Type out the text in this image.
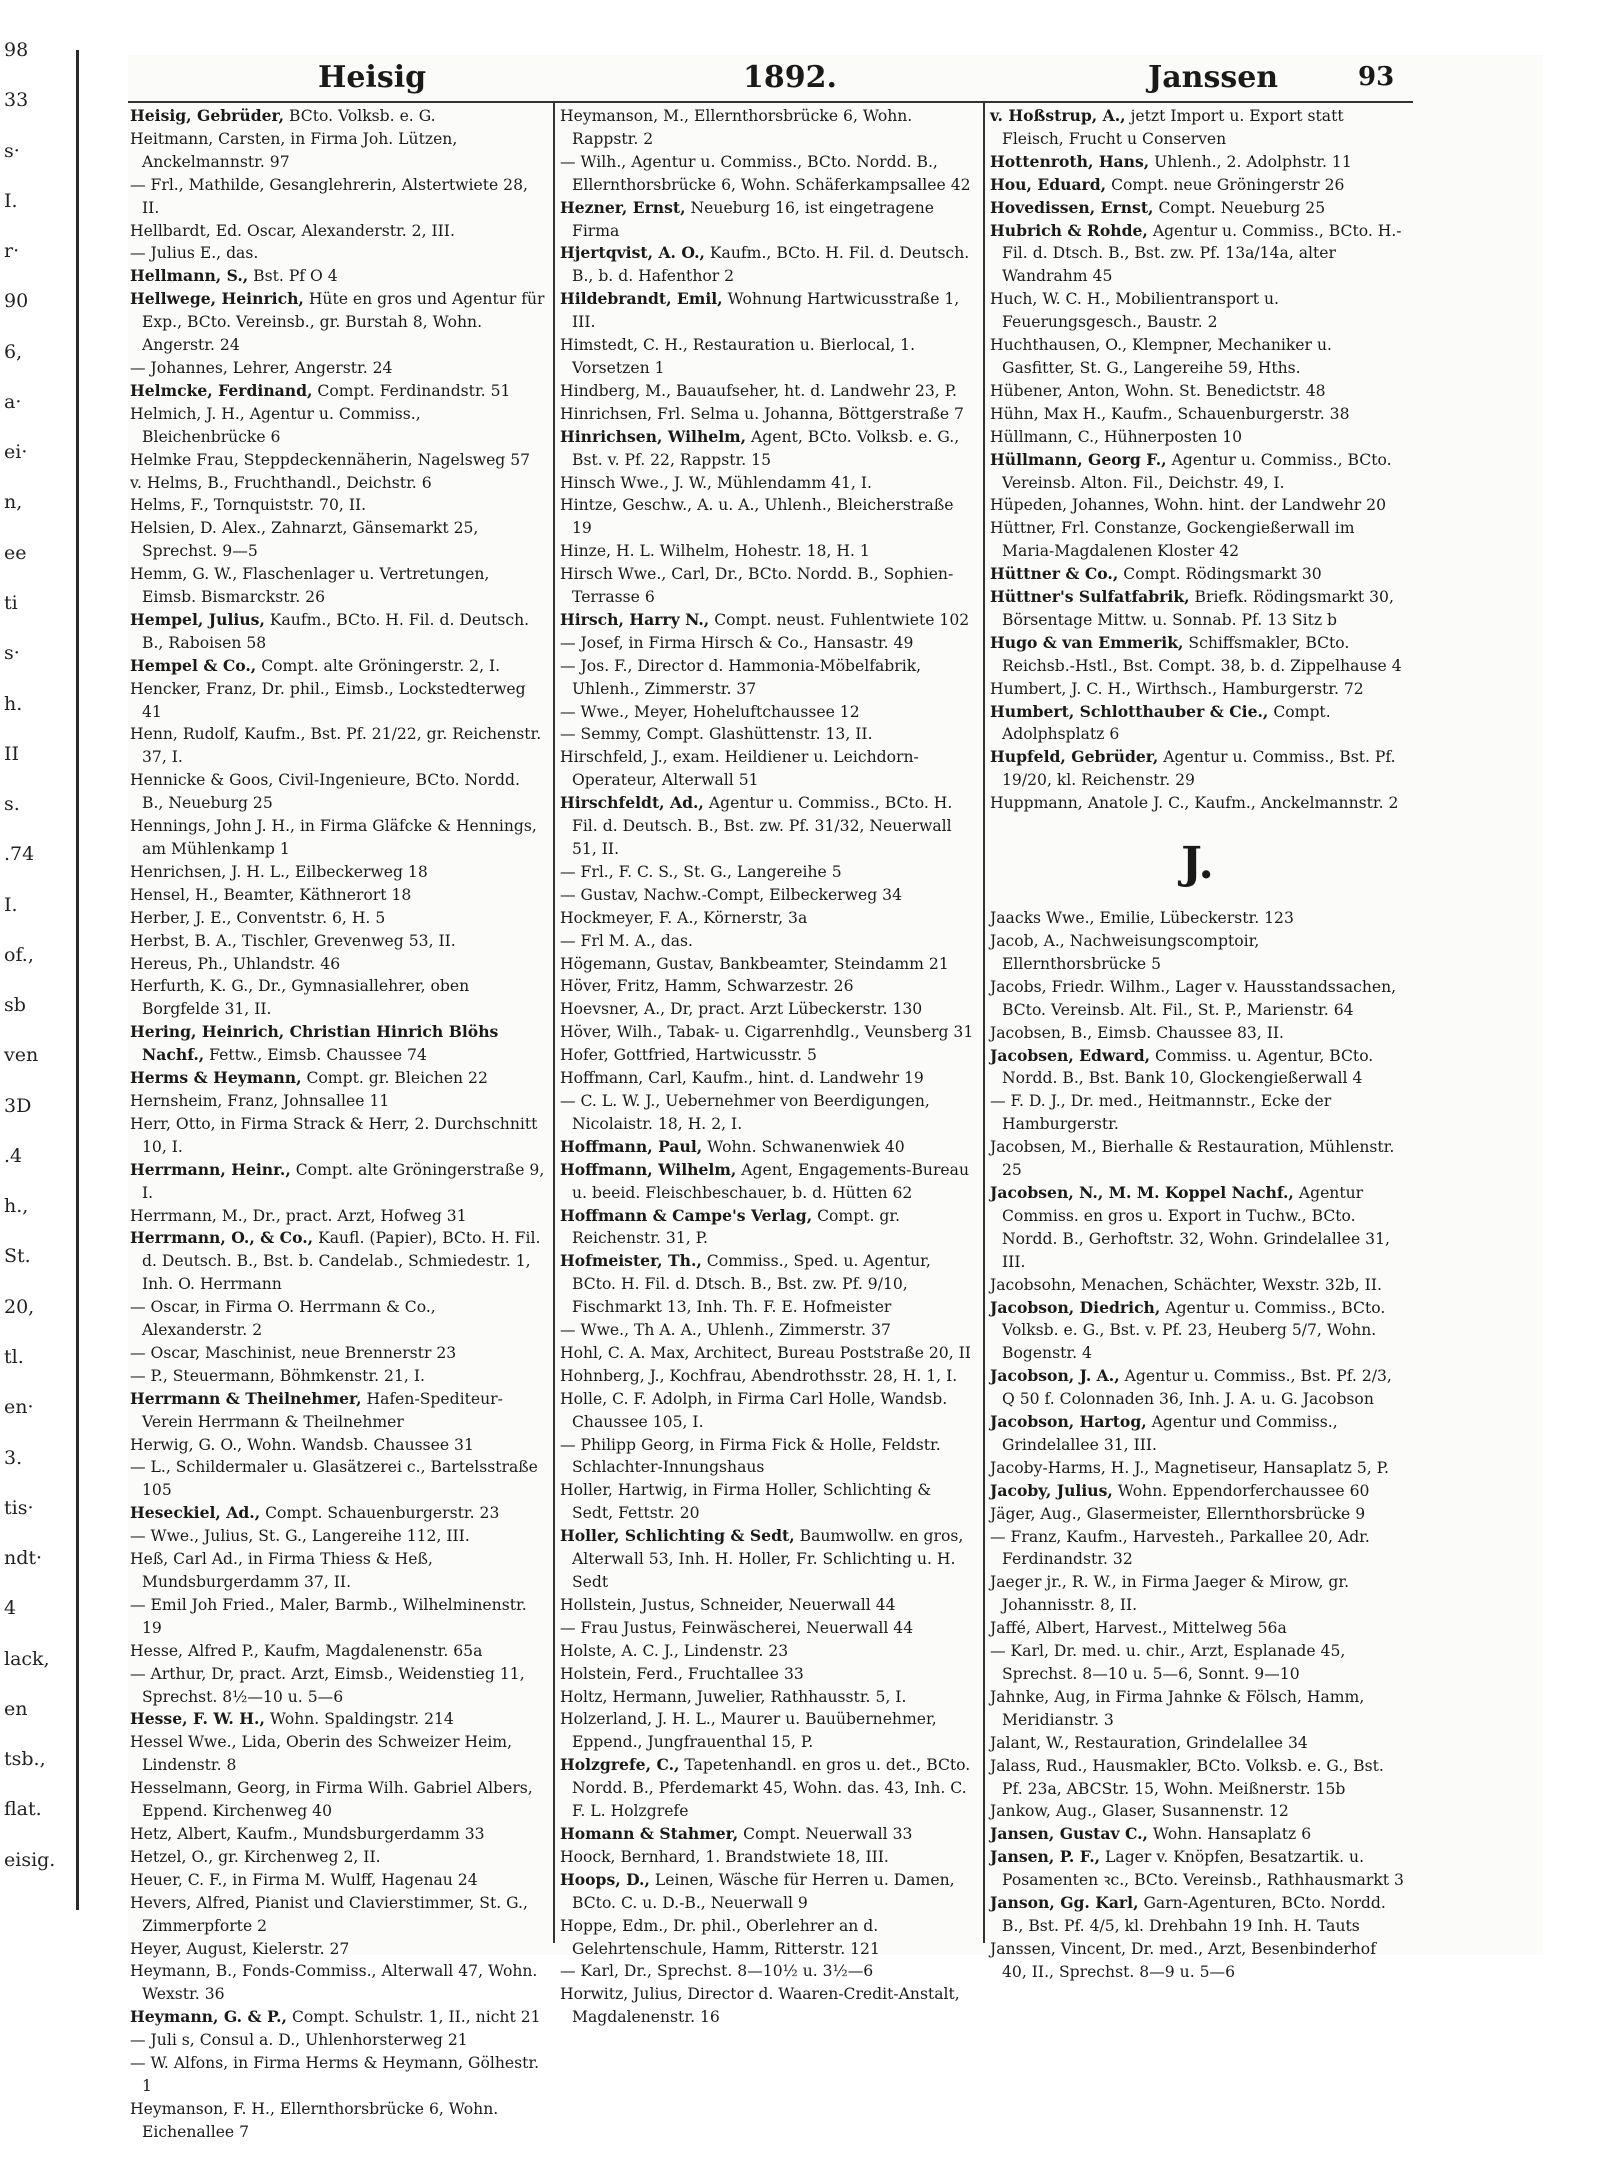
98
33
s·
I.
r·
90
6,
a·
ei·
n,
ee
ti
s·
h.
II
s.
.74
I.
of.,
sb
ven
3D
.4
h.,
St.
20,
tl.
en·
3.
tis·
ndt·
4
lack,
en
tsb.,
flat.
eisig.
Heisig	1892.	Janssen	93

Heisig, Gebrüder, BCto. Volksb. e. G.

Heitmann, Carsten, in Firma Joh. Lützen, Anckelmannstr. 97

— Frl., Mathilde, Gesanglehrerin, Alstertwiete 28, II.

Hellbardt, Ed. Oscar, Alexanderstr. 2, III.

— Julius E., das.

Hellmann, S., Bst. Pf O 4

Hellwege, Heinrich, Hüte en gros und Agentur für Exp., BCto. Vereinsb., gr. Burstah 8, Wohn. Angerstr. 24

— Johannes, Lehrer, Angerstr. 24

Helmcke, Ferdinand, Compt. Ferdinandstr. 51

Helmich, J. H., Agentur u. Commiss., Bleichenbrücke 6

Helmke Frau, Steppdeckennäherin, Nagelsweg 57

v. Helms, B., Fruchthandl., Deichstr. 6

Helms, F., Tornquiststr. 70, II.

Helsien, D. Alex., Zahnarzt, Gänsemarkt 25, Sprechst. 9—5

Hemm, G. W., Flaschenlager u. Vertretungen, Eimsb. Bismarckstr. 26

Hempel, Julius, Kaufm., BCto. H. Fil. d. Deutsch. B., Raboisen 58

Hempel & Co., Compt. alte Gröningerstr. 2, I.

Hencker, Franz, Dr. phil., Eimsb., Lockstedterweg 41

Henn, Rudolf, Kaufm., Bst. Pf. 21/22, gr. Reichenstr. 37, I.

Hennicke & Goos, Civil-Ingenieure, BCto. Nordd. B., Neueburg 25

Hennings, John J. H., in Firma Gläfcke & Hennings, am Mühlenkamp 1

Henrichsen, J. H. L., Eilbeckerweg 18

Hensel, H., Beamter, Käthnerort 18

Herber, J. E., Conventstr. 6, H. 5

Herbst, B. A., Tischler, Grevenweg 53, II.

Hereus, Ph., Uhlandstr. 46

Herfurth, K. G., Dr., Gymnasiallehrer, oben Borgfelde 31, II.

Hering, Heinrich, Christian Hinrich Blöhs Nachf., Fettw., Eimsb. Chaussee 74

Herms & Heymann, Compt. gr. Bleichen 22

Hernsheim, Franz, Johnsallee 11

Herr, Otto, in Firma Strack & Herr, 2. Durchschnitt 10, I.

Herrmann, Heinr., Compt. alte Gröningerstraße 9, I.

Herrmann, M., Dr., pract. Arzt, Hofweg 31

Herrmann, O., & Co., Kaufl. (Papier), BCto. H. Fil. d. Deutsch. B., Bst. b. Candelab., Schmiedestr. 1, Inh. O. Herrmann

— Oscar, in Firma O. Herrmann & Co., Alexanderstr. 2

— Oscar, Maschinist, neue Brennerstr 23

— P., Steuermann, Böhmkenstr. 21, I.

Herrmann & Theilnehmer, Hafen-Spediteur-Verein Herrmann & Theilnehmer

Herwig, G. O., Wohn. Wandsb. Chaussee 31

— L., Schildermaler u. Glasätzerei c., Bartelsstraße 105

Heseckiel, Ad., Compt. Schauenburgerstr. 23

— Wwe., Julius, St. G., Langereihe 112, III.

Heß, Carl Ad., in Firma Thiess & Heß, Mundsburgerdamm 37, II.

— Emil Joh Fried., Maler, Barmb., Wilhelminenstr. 19

Hesse, Alfred P., Kaufm, Magdalenenstr. 65a

— Arthur, Dr, pract. Arzt, Eimsb., Weidenstieg 11, Sprechst. 8½—10 u. 5—6

Hesse, F. W. H., Wohn. Spaldingstr. 214

Hessel Wwe., Lida, Oberin des Schweizer Heim, Lindenstr. 8

Hesselmann, Georg, in Firma Wilh. Gabriel Albers, Eppend. Kirchenweg 40

Hetz, Albert, Kaufm., Mundsburgerdamm 33

Hetzel, O., gr. Kirchenweg 2, II.

Heuer, C. F., in Firma M. Wulff, Hagenau 24

Hevers, Alfred, Pianist und Clavierstimmer, St. G., Zimmerpforte 2

Heyer, August, Kielerstr. 27

Heymann, B., Fonds-Commiss., Alterwall 47, Wohn. Wexstr. 36

Heymann, G. & P., Compt. Schulstr. 1, II., nicht 21

— Juli s, Consul a. D., Uhlenhorsterweg 21

— W. Alfons, in Firma Herms & Heymann, Gölhestr. 1

Heymanson, F. H., Ellernthorsbrücke 6, Wohn. Eichenallee 7

Heymanson, M., Ellernthorsbrücke 6, Wohn. Rappstr. 2

— Wilh., Agentur u. Commiss., BCto. Nordd. B., Ellernthorsbrücke 6, Wohn. Schäferkampsallee 42

Hezner, Ernst, Neueburg 16, ist eingetragene Firma

Hjertqvist, A. O., Kaufm., BCto. H. Fil. d. Deutsch. B., b. d. Hafenthor 2

Hildebrandt, Emil, Wohnung Hartwicusstraße 1, III.

Himstedt, C. H., Restauration u. Bierlocal, 1. Vorsetzen 1

Hindberg, M., Bauaufseher, ht. d. Landwehr 23, P.

Hinrichsen, Frl. Selma u. Johanna, Böttgerstraße 7

Hinrichsen, Wilhelm, Agent, BCto. Volksb. e. G., Bst. v. Pf. 22, Rappstr. 15

Hinsch Wwe., J. W., Mühlendamm 41, I.

Hintze, Geschw., A. u. A., Uhlenh., Bleicherstraße 19

Hinze, H. L. Wilhelm, Hohestr. 18, H. 1

Hirsch Wwe., Carl, Dr., BCto. Nordd. B., Sophien-Terrasse 6

Hirsch, Harry N., Compt. neust. Fuhlentwiete 102

— Josef, in Firma Hirsch & Co., Hansastr. 49

— Jos. F., Director d. Hammonia-Möbelfabrik, Uhlenh., Zimmerstr. 37

— Wwe., Meyer, Hoheluftchaussee 12

— Semmy, Compt. Glashüttenstr. 13, II.

Hirschfeld, J., exam. Heildiener u. Leichdorn-Operateur, Alterwall 51

Hirschfeldt, Ad., Agentur u. Commiss., BCto. H. Fil. d. Deutsch. B., Bst. zw. Pf. 31/32, Neuerwall 51, II.

— Frl., F. C. S., St. G., Langereihe 5

— Gustav, Nachw.-Compt, Eilbeckerweg 34

Hockmeyer, F. A., Körnerstr, 3a

— Frl M. A., das.

Högemann, Gustav, Bankbeamter, Steindamm 21

Höver, Fritz, Hamm, Schwarzestr. 26

Hoevsner, A., Dr, pract. Arzt Lübeckerstr. 130

Höver, Wilh., Tabak- u. Cigarrenhdlg., Veunsberg 31

Hofer, Gottfried, Hartwicusstr. 5

Hoffmann, Carl, Kaufm., hint. d. Landwehr 19

— C. L. W. J., Uebernehmer von Beerdigungen, Nicolaistr. 18, H. 2, I.

Hoffmann, Paul, Wohn. Schwanenwiek 40

Hoffmann, Wilhelm, Agent, Engagements-Bureau u. beeid. Fleischbeschauer, b. d. Hütten 62

Hoffmann & Campe's Verlag, Compt. gr. Reichenstr. 31, P.

Hofmeister, Th., Commiss., Sped. u. Agentur, BCto. H. Fil. d. Dtsch. B., Bst. zw. Pf. 9/10, Fischmarkt 13, Inh. Th. F. E. Hofmeister

— Wwe., Th A. A., Uhlenh., Zimmerstr. 37

Hohl, C. A. Max, Architect, Bureau Poststraße 20, II

Hohnberg, J., Kochfrau, Abendrothsstr. 28, H. 1, I.

Holle, C. F. Adolph, in Firma Carl Holle, Wandsb. Chaussee 105, I.

— Philipp Georg, in Firma Fick & Holle, Feldstr. Schlachter-Innungshaus

Holler, Hartwig, in Firma Holler, Schlichting & Sedt, Fettstr. 20

Holler, Schlichting & Sedt, Baumwollw. en gros, Alterwall 53, Inh. H. Holler, Fr. Schlichting u. H. Sedt

Hollstein, Justus, Schneider, Neuerwall 44

— Frau Justus, Feinwäscherei, Neuerwall 44

Holste, A. C. J., Lindenstr. 23

Holstein, Ferd., Fruchtallee 33

Holtz, Hermann, Juwelier, Rathhausstr. 5, I.

Holzerland, J. H. L., Maurer u. Bauübernehmer, Eppend., Jungfrauenthal 15, P.

Holzgrefe, C., Tapetenhandl. en gros u. det., BCto. Nordd. B., Pferdemarkt 45, Wohn. das. 43, Inh. C. F. L. Holzgrefe

Homann & Stahmer, Compt. Neuerwall 33

Hoock, Bernhard, 1. Brandstwiete 18, III.

Hoops, D., Leinen, Wäsche für Herren u. Damen, BCto. C. u. D.-B., Neuerwall 9

Hoppe, Edm., Dr. phil., Oberlehrer an d. Gelehrtenschule, Hamm, Ritterstr. 121

— Karl, Dr., Sprechst. 8—10½ u. 3½—6

Horwitz, Julius, Director d. Waaren-Credit-Anstalt, Magdalenenstr. 16

v. Hoßstrup, A., jetzt Import u. Export statt Fleisch, Frucht u Conserven

Hottenroth, Hans, Uhlenh., 2. Adolphstr. 11

Hou, Eduard, Compt. neue Gröningerstr 26

Hovedissen, Ernst, Compt. Neueburg 25

Hubrich & Rohde, Agentur u. Commiss., BCto. H.-Fil. d. Dtsch. B., Bst. zw. Pf. 13a/14a, alter Wandrahm 45

Huch, W. C. H., Mobilientransport u. Feuerungsgesch., Baustr. 2

Huchthausen, O., Klempner, Mechaniker u. Gasfitter, St. G., Langereihe 59, Hths.

Hübener, Anton, Wohn. St. Benedictstr. 48

Hühn, Max H., Kaufm., Schauenburgerstr. 38

Hüllmann, C., Hühnerposten 10

Hüllmann, Georg F., Agentur u. Commiss., BCto. Vereinsb. Alton. Fil., Deichstr. 49, I.

Hüpeden, Johannes, Wohn. hint. der Landwehr 20

Hüttner, Frl. Constanze, Gockengießerwall im Maria-Magdalenen Kloster 42

Hüttner & Co., Compt. Rödingsmarkt 30

Hüttner's Sulfatfabrik, Briefk. Rödingsmarkt 30, Börsentage Mittw. u. Sonnab. Pf. 13 Sitz b

Hugo & van Emmerik, Schiffsmakler, BCto. Reichsb.-Hstl., Bst. Compt. 38, b. d. Zippelhause 4

Humbert, J. C. H., Wirthsch., Hamburgerstr. 72

Humbert, Schlotthauber & Cie., Compt. Adolphsplatz 6

Hupfeld, Gebrüder, Agentur u. Commiss., Bst. Pf. 19/20, kl. Reichenstr. 29

Huppmann, Anatole J. C., Kaufm., Anckelmannstr. 2

J.

Jaacks Wwe., Emilie, Lübeckerstr. 123

Jacob, A., Nachweisungscomptoir, Ellernthorsbrücke 5

Jacobs, Friedr. Wilhm., Lager v. Hausstandssachen, BCto. Vereinsb. Alt. Fil., St. P., Marienstr. 64

Jacobsen, B., Eimsb. Chaussee 83, II.

Jacobsen, Edward, Commiss. u. Agentur, BCto. Nordd. B., Bst. Bank 10, Glockengießerwall 4

— F. D. J., Dr. med., Heitmannstr., Ecke der Hamburgerstr.

Jacobsen, M., Bierhalle & Restauration, Mühlenstr. 25

Jacobsen, N., M. M. Koppel Nachf., Agentur Commiss. en gros u. Export in Tuchw., BCto. Nordd. B., Gerhoftstr. 32, Wohn. Grindelallee 31, III.

Jacobsohn, Menachen, Schächter, Wexstr. 32b, II.

Jacobson, Diedrich, Agentur u. Commiss., BCto. Volksb. e. G., Bst. v. Pf. 23, Heuberg 5/7, Wohn. Bogenstr. 4

Jacobson, J. A., Agentur u. Commiss., Bst. Pf. 2/3, Q 50 f. Colonnaden 36, Inh. J. A. u. G. Jacobson

Jacobson, Hartog, Agentur und Commiss., Grindelallee 31, III.

Jacoby-Harms, H. J., Magnetiseur, Hansaplatz 5, P.

Jacoby, Julius, Wohn. Eppendorferchaussee 60

Jäger, Aug., Glasermeister, Ellernthorsbrücke 9

— Franz, Kaufm., Harvesteh., Parkallee 20, Adr. Ferdinandstr. 32

Jaeger jr., R. W., in Firma Jaeger & Mirow, gr. Johannisstr. 8, II.

Jaffé, Albert, Harvest., Mittelweg 56a

— Karl, Dr. med. u. chir., Arzt, Esplanade 45, Sprechst. 8—10 u. 5—6, Sonnt. 9—10

Jahnke, Aug, in Firma Jahnke & Fölsch, Hamm, Meridianstr. 3

Jalant, W., Restauration, Grindelallee 34

Jalass, Rud., Hausmakler, BCto. Volksb. e. G., Bst. Pf. 23a, ABCStr. 15, Wohn. Meißnerstr. 15b

Jankow, Aug., Glaser, Susannenstr. 12

Jansen, Gustav C., Wohn. Hansaplatz 6

Jansen, P. F., Lager v. Knöpfen, Besatzartik. u. Posamenten ꝛc., BCto. Vereinsb., Rathhausmarkt 3

Janson, Gg. Karl, Garn-Agenturen, BCto. Nordd. B., Bst. Pf. 4/5, kl. Drehbahn 19 Inh. H. Tauts

Janssen, Vincent, Dr. med., Arzt, Besenbinderhof 40, II., Sprechst. 8—9 u. 5—6
